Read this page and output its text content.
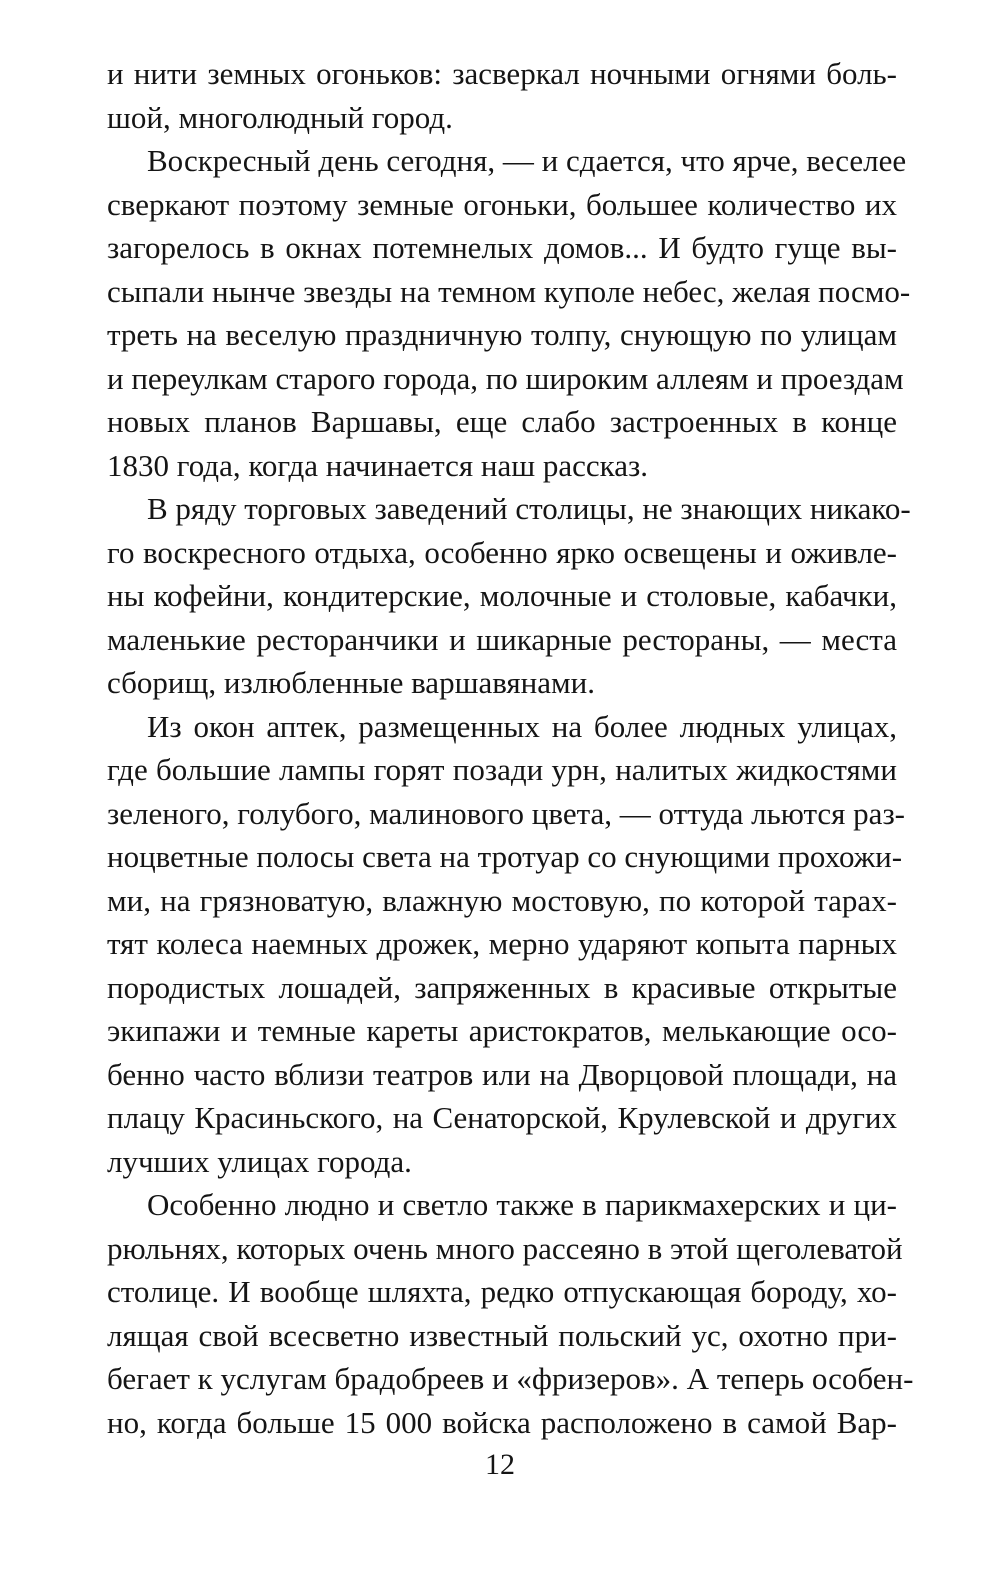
и нити земных огоньков: засверкал ночными огнями боль-
шой, многолюдный город.

Воскресный день сегодня, — и сдается, что ярче, веселее
сверкают поэтому земные огоньки, большее количество их
загорелось в окнах потемнелых домов... И будто гуще вы-
сыпали нынче звезды на темном куполе небес, желая посмо-
треть на веселую праздничную толпу, снующую по улицам
и переулкам старого города, по широким аллеям и проездам
новых планов Варшавы, еще слабо застроенных в конце
1830 года, когда начинается наш рассказ.

В ряду торговых заведений столицы, не знающих никако-
го воскресного отдыха, особенно ярко освещены и оживле-
ны кофейни, кондитерские, молочные и столовые, кабачки,
маленькие ресторанчики и шикарные рестораны, — места
сборищ, излюбленные варшавянами.

Из окон аптек, размещенных на более людных улицах,
где большие лампы горят позади урн, налитых жидкостями
зеленого, голубого, малинового цвета, — оттуда льются раз-
ноцветные полосы света на тротуар со снующими прохожи-
ми, на грязноватую, влажную мостовую, по которой тарах-
тят колеса наемных дрожек, мерно ударяют копыта парных
породистых лошадей, запряженных в красивые открытые
экипажи и темные кареты аристократов, мелькающие осо-
бенно часто вблизи театров или на Дворцовой площади, на
плацу Красиньского, на Сенаторской, Крулевской и других
лучших улицах города.

Особенно людно и светло также в парикмахерских и ци-
рюльнях, которых очень много рассеяно в этой щеголеватой
столице. И вообще шляхта, редко отпускающая бороду, хо-
лящая свой всесветно известный польский ус, охотно при-
бегает к услугам брадобреев и «фризеров». А теперь особен-
но, когда больше 15 000 войска расположено в самой Вар-

12
